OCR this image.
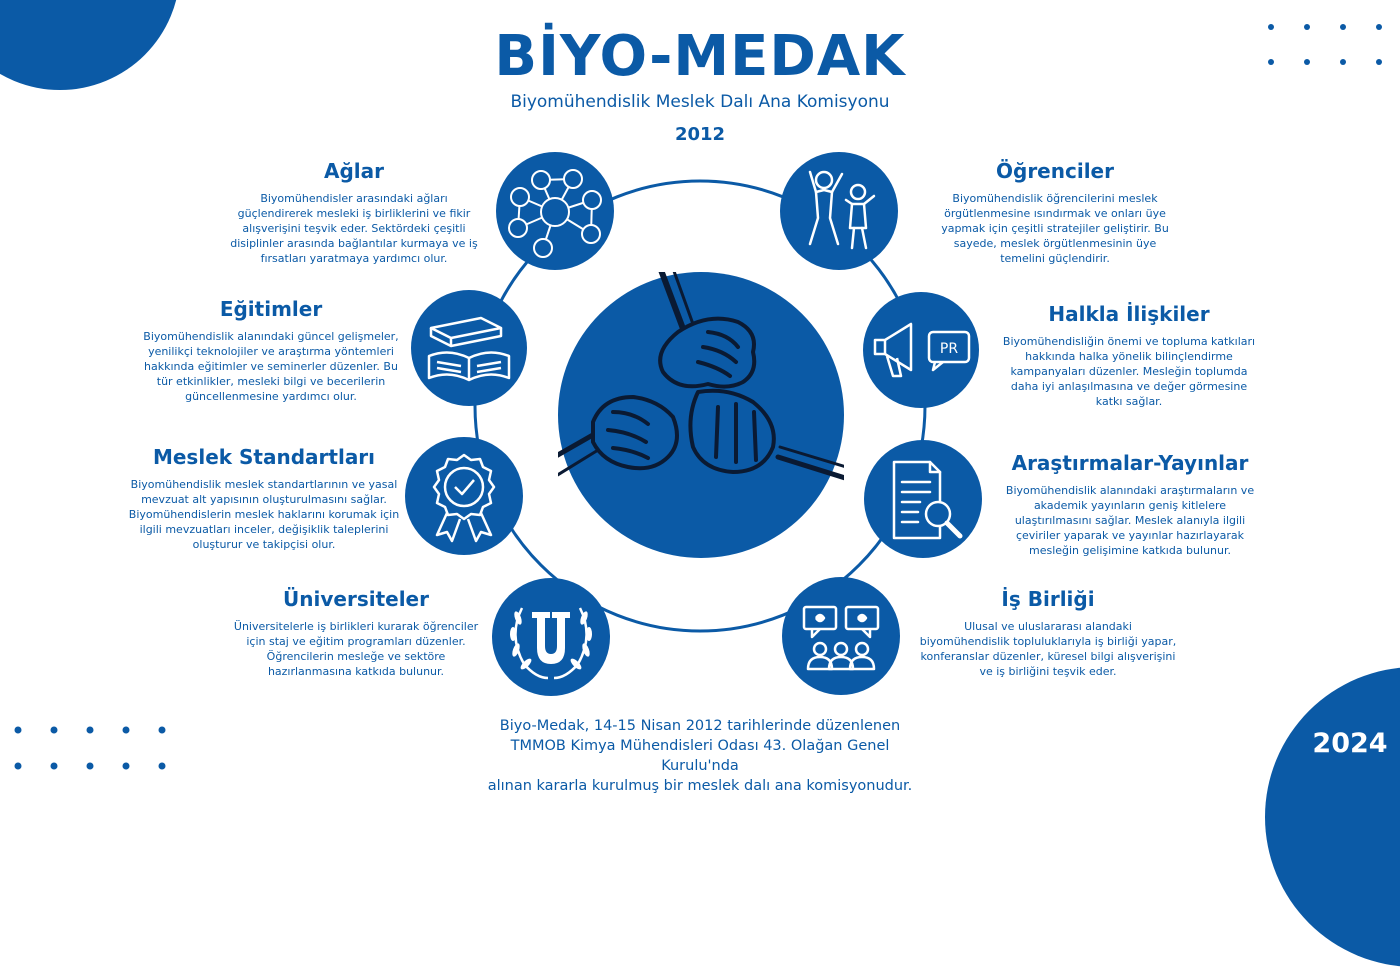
2024
BİYO-MEDAK
Biyomühendislik Meslek Dalı Ana Komisyonu
2012
PR
Ağlar
Biyomühendisler arasındaki ağları güçlendirerek mesleki iş birliklerini ve fikir alışverişini teşvik eder. Sektördeki çeşitli disiplinler arasında bağlantılar kurmaya ve iş fırsatları yaratmaya yardımcı olur.
Eğitimler
Biyomühendislik alanındaki güncel gelişmeler, yenilikçi teknolojiler ve araştırma yöntemleri hakkında eğitimler ve seminerler düzenler. Bu tür etkinlikler, mesleki bilgi ve becerilerin güncellenmesine yardımcı olur.
Meslek Standartları
Biyomühendislik meslek standartlarının ve yasal mevzuat alt yapısının oluşturulmasını sağlar. Biyomühendislerin meslek haklarını korumak için ilgili mevzuatları inceler, değişiklik taleplerini oluşturur ve takipçisi olur.
Üniversiteler
Üniversitelerle iş birlikleri kurarak öğrenciler için staj ve eğitim programları düzenler. Öğrencilerin mesleğe ve sektöre hazırlanmasına katkıda bulunur.
Öğrenciler
Biyomühendislik öğrencilerini meslek örgütlenmesine ısındırmak ve onları üye yapmak için çeşitli stratejiler geliştirir. Bu sayede, meslek örgütlenmesinin üye temelini güçlendirir.
Halkla İlişkiler
Biyomühendisliğin önemi ve topluma katkıları hakkında halka yönelik bilinçlendirme kampanyaları düzenler. Mesleğin toplumda daha iyi anlaşılmasına ve değer görmesine katkı sağlar.
Araştırmalar-Yayınlar
Biyomühendislik alanındaki araştırmaların ve akademik yayınların geniş kitlelere ulaştırılmasını sağlar. Meslek alanıyla ilgili çeviriler yaparak ve yayınlar hazırlayarak mesleğin gelişimine katkıda bulunur.
İş Birliği
Ulusal ve uluslararası alandaki biyomühendislik topluluklarıyla iş birliği yapar, konferanslar düzenler, küresel bilgi alışverişini ve iş birliğini teşvik eder.
Biyo-Medak, 14-15 Nisan 2012 tarihlerinde düzenlenen
TMMOB Kimya Mühendisleri Odası 43. Olağan Genel Kurulu'nda
alınan kararla kurulmuş bir meslek dalı ana komisyonudur.
